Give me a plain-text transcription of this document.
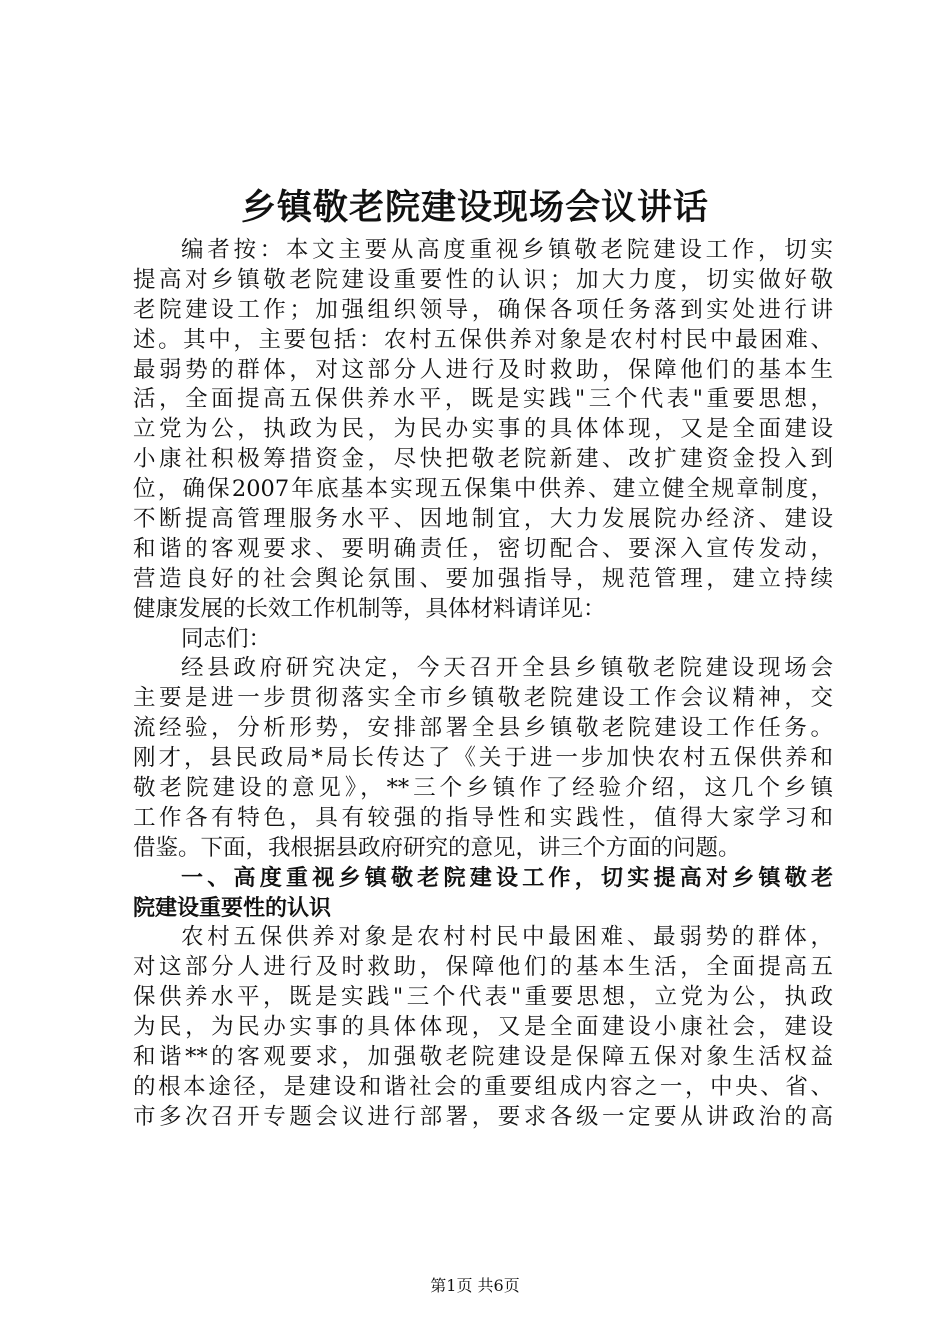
乡镇敬老院建设现场会议讲话
编者按：本文主要从高度重视乡镇敬老院建设工作，切实
提高对乡镇敬老院建设重要性的认识；加大力度，切实做好敬
老院建设工作；加强组织领导，确保各项任务落到实处进行讲
述。其中，主要包括：农村五保供养对象是农村村民中最困难、
最弱势的群体，对这部分人进行及时救助，保障他们的基本生
活，全面提高五保供养水平，既是实践"三个代表"重要思想，
立党为公，执政为民，为民办实事的具体体现，又是全面建设
小康社积极筹措资金，尽快把敬老院新建、改扩建资金投入到
位，确保2007年底基本实现五保集中供养、建立健全规章制度，
不断提高管理服务水平、因地制宜，大力发展院办经济、建设
和谐的客观要求、要明确责任，密切配合、要深入宣传发动，
营造良好的社会舆论氛围、要加强指导，规范管理，建立持续
健康发展的长效工作机制等，具体材料请详见：
同志们：
经县政府研究决定，今天召开全县乡镇敬老院建设现场会
主要是进一步贯彻落实全市乡镇敬老院建设工作会议精神，交
流经验，分析形势，安排部署全县乡镇敬老院建设工作任务。
刚才，县民政局*局长传达了《关于进一步加快农村五保供养和
敬老院建设的意见》，**三个乡镇作了经验介绍，这几个乡镇
工作各有特色，具有较强的指导性和实践性，值得大家学习和
借鉴。下面，我根据县政府研究的意见，讲三个方面的问题。
一、高度重视乡镇敬老院建设工作，切实提高对乡镇敬老
院建设重要性的认识
农村五保供养对象是农村村民中最困难、最弱势的群体，
对这部分人进行及时救助，保障他们的基本生活，全面提高五
保供养水平，既是实践"三个代表"重要思想，立党为公，执政
为民，为民办实事的具体体现，又是全面建设小康社会，建设
和谐**的客观要求，加强敬老院建设是保障五保对象生活权益
的根本途径，是建设和谐社会的重要组成内容之一，中央、省、
市多次召开专题会议进行部署，要求各级一定要从讲政治的高
第1页 共6页
